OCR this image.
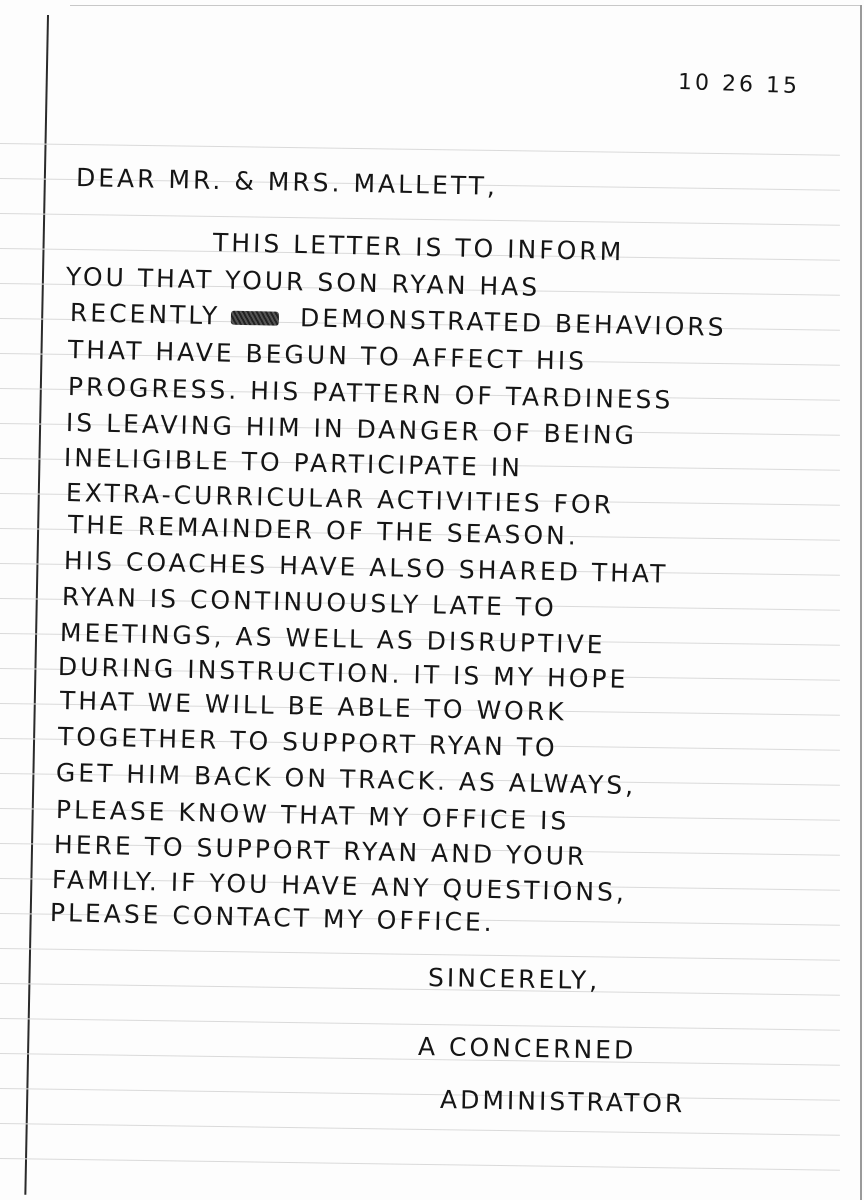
10 26 15
DEAR MR. & MRS. MALLETT,
THIS LETTER IS TO INFORM
YOU THAT YOUR SON RYAN HAS
RECENTLY	DEMONSTRATED BEHAVIORS
THAT HAVE BEGUN TO AFFECT HIS
PROGRESS. HIS PATTERN OF TARDINESS
IS LEAVING HIM IN DANGER OF BEING
INELIGIBLE TO PARTICIPATE IN
EXTRA-CURRICULAR ACTIVITIES FOR
THE REMAINDER OF THE SEASON.
HIS COACHES HAVE ALSO SHARED THAT
RYAN IS CONTINUOUSLY LATE TO
MEETINGS, AS WELL AS DISRUPTIVE
DURING INSTRUCTION. IT IS MY HOPE
THAT WE WILL BE ABLE TO WORK
TOGETHER TO SUPPORT RYAN TO
GET HIM BACK ON TRACK. AS ALWAYS,
PLEASE KNOW THAT MY OFFICE IS
HERE TO SUPPORT RYAN AND YOUR
FAMILY. IF YOU HAVE ANY QUESTIONS,
PLEASE CONTACT MY OFFICE.
SINCERELY,
A CONCERNED
ADMINISTRATOR
